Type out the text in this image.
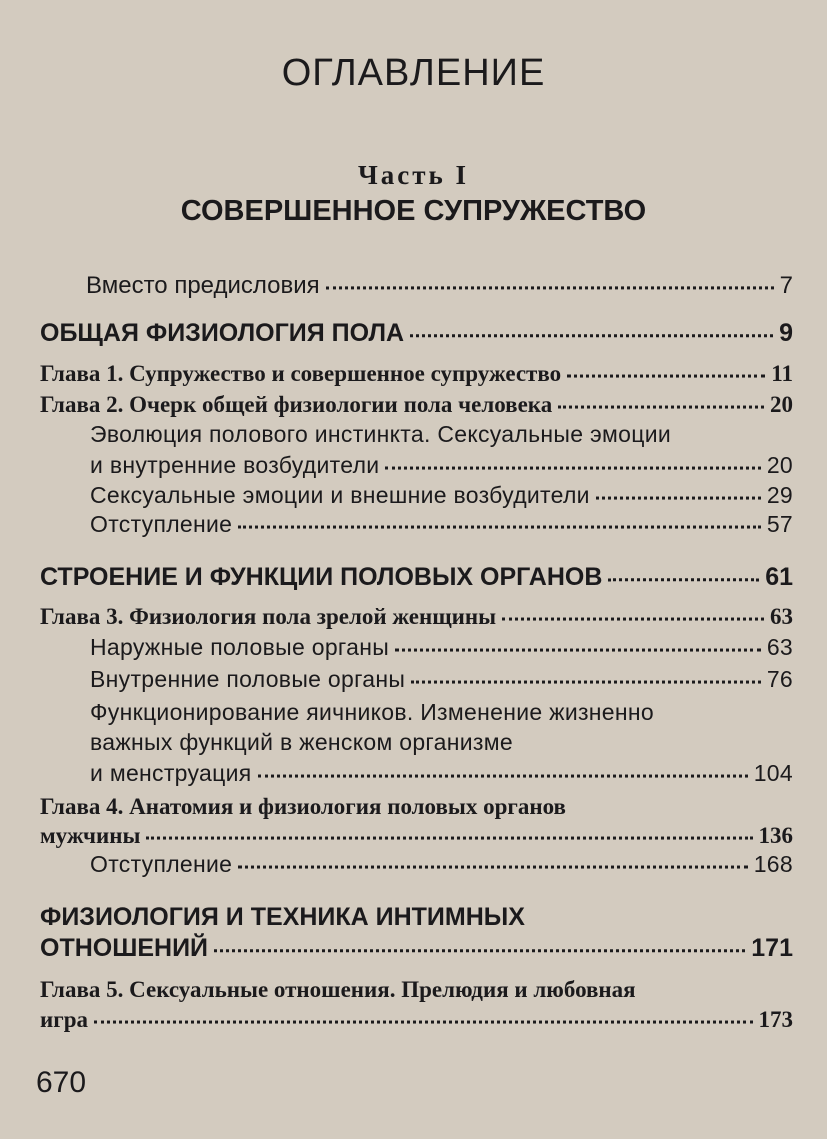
ОГЛАВЛЕНИЕ
Часть I
СОВЕРШЕННОЕ СУПРУЖЕСТВО
Вместо предисловия	7
ОБЩАЯ ФИЗИОЛОГИЯ ПОЛА	9
Глава 1. Супружество и совершенное супружество	11
Глава 2. Очерк общей физиологии пола человека	20
Эволюция полового инстинкта. Сексуальные эмоции
и внутренние возбудители	20
Сексуальные эмоции и внешние возбудители	29
Отступление	57
СТРОЕНИЕ И ФУНКЦИИ ПОЛОВЫХ ОРГАНОВ	61
Глава 3. Физиология пола зрелой женщины	63
Наружные половые органы	63
Внутренние половые органы	76
Функционирование яичников. Изменение жизненно
важных функций в женском организме
и менструация	104
Глава 4. Анатомия и физиология половых органов
мужчины	136
Отступление	168
ФИЗИОЛОГИЯ И ТЕХНИКА ИНТИМНЫХ
ОТНОШЕНИЙ	171
Глава 5. Сексуальные отношения. Прелюдия и любовная
игра	173
670
